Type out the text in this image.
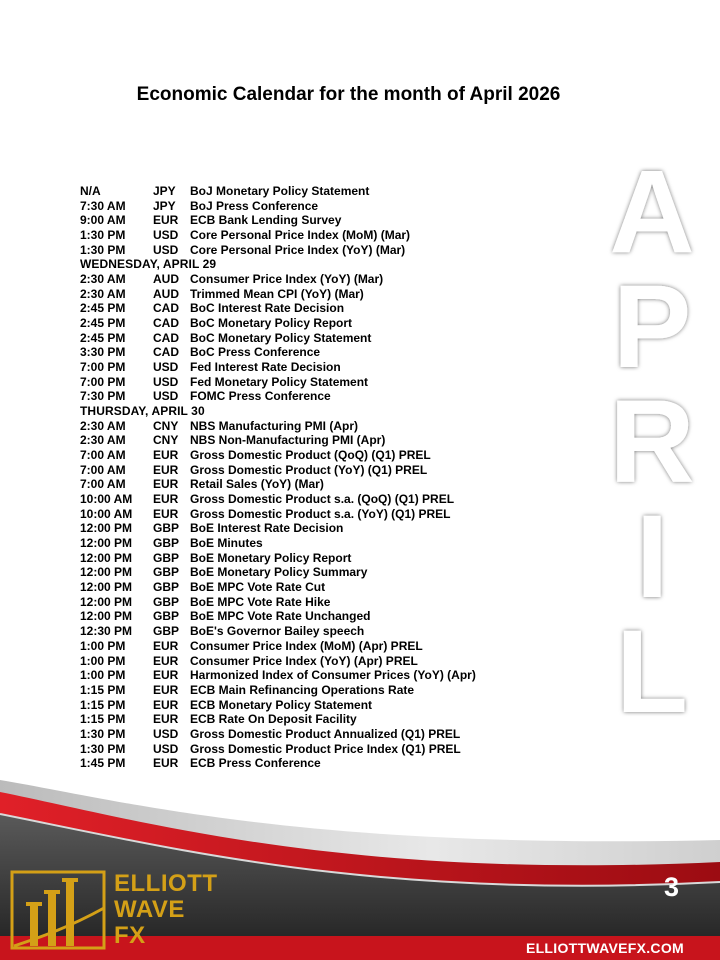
Economic Calendar for the month of April 2026
N/A	JPY BoJ Monetary Policy Statement
7:30 AM JPY BoJ Press Conference
9:00 AM EUR ECB Bank Lending Survey
1:30 PM USD Core Personal Price Index (MoM) (Mar)
1:30 PM USD Core Personal Price Index (YoY) (Mar)
WEDNESDAY, APRIL 29
2:30 AM AUD Consumer Price Index (YoY) (Mar)
2:30 AM AUD Trimmed Mean CPI (YoY) (Mar)
2:45 PM CAD BoC Interest Rate Decision
2:45 PM CAD BoC Monetary Policy Report
2:45 PM CAD BoC Monetary Policy Statement
3:30 PM CAD BoC Press Conference
7:00 PM USD Fed Interest Rate Decision
7:00 PM USD Fed Monetary Policy Statement
7:30 PM USD FOMC Press Conference
THURSDAY, APRIL 30
2:30 AM CNY NBS Manufacturing PMI (Apr)
2:30 AM CNY NBS Non-Manufacturing PMI (Apr)
7:00 AM EUR Gross Domestic Product (QoQ) (Q1) PREL
7:00 AM EUR Gross Domestic Product (YoY) (Q1) PREL
7:00 AM EUR Retail Sales (YoY) (Mar)
10:00 AM EUR Gross Domestic Product s.a. (QoQ) (Q1) PREL
10:00 AM EUR Gross Domestic Product s.a. (YoY) (Q1) PREL
12:00 PM GBP BoE Interest Rate Decision
12:00 PM GBP BoE Minutes
12:00 PM GBP BoE Monetary Policy Report
12:00 PM GBP BoE Monetary Policy Summary
12:00 PM GBP BoE MPC Vote Rate Cut
12:00 PM GBP BoE MPC Vote Rate Hike
12:00 PM GBP BoE MPC Vote Rate Unchanged
12:30 PM GBP BoE's Governor Bailey speech
1:00 PM EUR Consumer Price Index (MoM) (Apr) PREL
1:00 PM EUR Consumer Price Index (YoY) (Apr) PREL
1:00 PM EUR Harmonized Index of Consumer Prices (YoY) (Apr)
1:15 PM EUR ECB Main Refinancing Operations Rate
1:15 PM EUR ECB Monetary Policy Statement
1:15 PM EUR ECB Rate On Deposit Facility
1:30 PM USD Gross Domestic Product Annualized (Q1) PREL
1:30 PM USD Gross Domestic Product Price Index (Q1) PREL
1:45 PM EUR ECB Press Conference
A
P
R
I
L
ELLIOTT
WAVE
FX
3
ELLIOTTWAVEFX.COM
